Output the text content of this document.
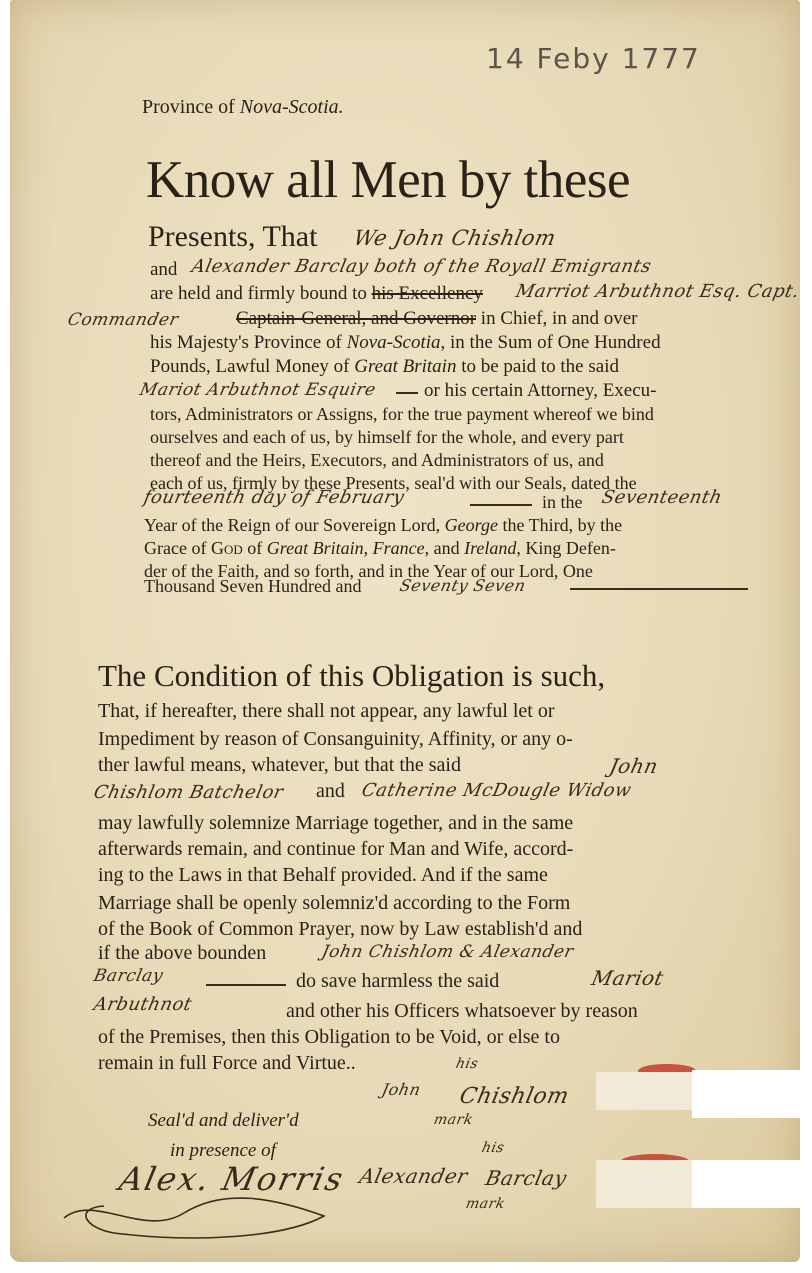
14 Feby 1777
Province of Nova-Scotia.
Know all Men by these
Presents, That We John Chishlom
and Alexander Barclay both of the Royall Emigrants
are held and firmly bound to his Excellency Marriot Arbuthnot Esq. Capt.
Commander	Captain-General, and Governor in Chief, in and over
his Majesty's Province of Nova-Scotia, in the Sum of One Hundred
Pounds, Lawful Money of Great Britain to be paid to the said
Mariot Arbuthnot Esquire or his certain Attorney, Execu-
tors, Administrators or Assigns, for the true payment whereof we bind
ourselves and each of us, by himself for the whole, and every part
thereof and the Heirs, Executors, and Administrators of us, and
each of us, firmly by these Presents, seal'd with our Seals, dated the
fourteenth day of February	in the Seventeenth
Year of the Reign of our Sovereign Lord, George the Third, by the
Grace of God of Great Britain, France, and Ireland, King Defen-
der of the Faith, and so forth, and in the Year of our Lord, One
Thousand Seven Hundred and Seventy Seven
The Condition of this Obligation is such,
That, if hereafter, there shall not appear, any lawful let or
Impediment by reason of Consanguinity, Affinity, or any o-
ther lawful means, whatever, but that the said	John
Chishlom Batchelor and Catherine McDougle Widow
may lawfully solemnize Marriage together, and in the same
afterwards remain, and continue for Man and Wife, accord-
ing to the Laws in that Behalf provided. And if the same
Marriage shall be openly solemniz'd according to the Form
of the Book of Common Prayer, now by Law establish'd and
if the above bounden	John Chishlom & Alexander
Barclay	do save harmless the said	Mariot
Arbuthnot	and other his Officers whatsoever by reason
of the Premises, then this Obligation to be Void, or else to
remain in full Force and Virtue..	his
John Chishlom
mark
Seal'd and deliver'd
in presence of
Alex. Morris
his
Alexander Barclay
mark
